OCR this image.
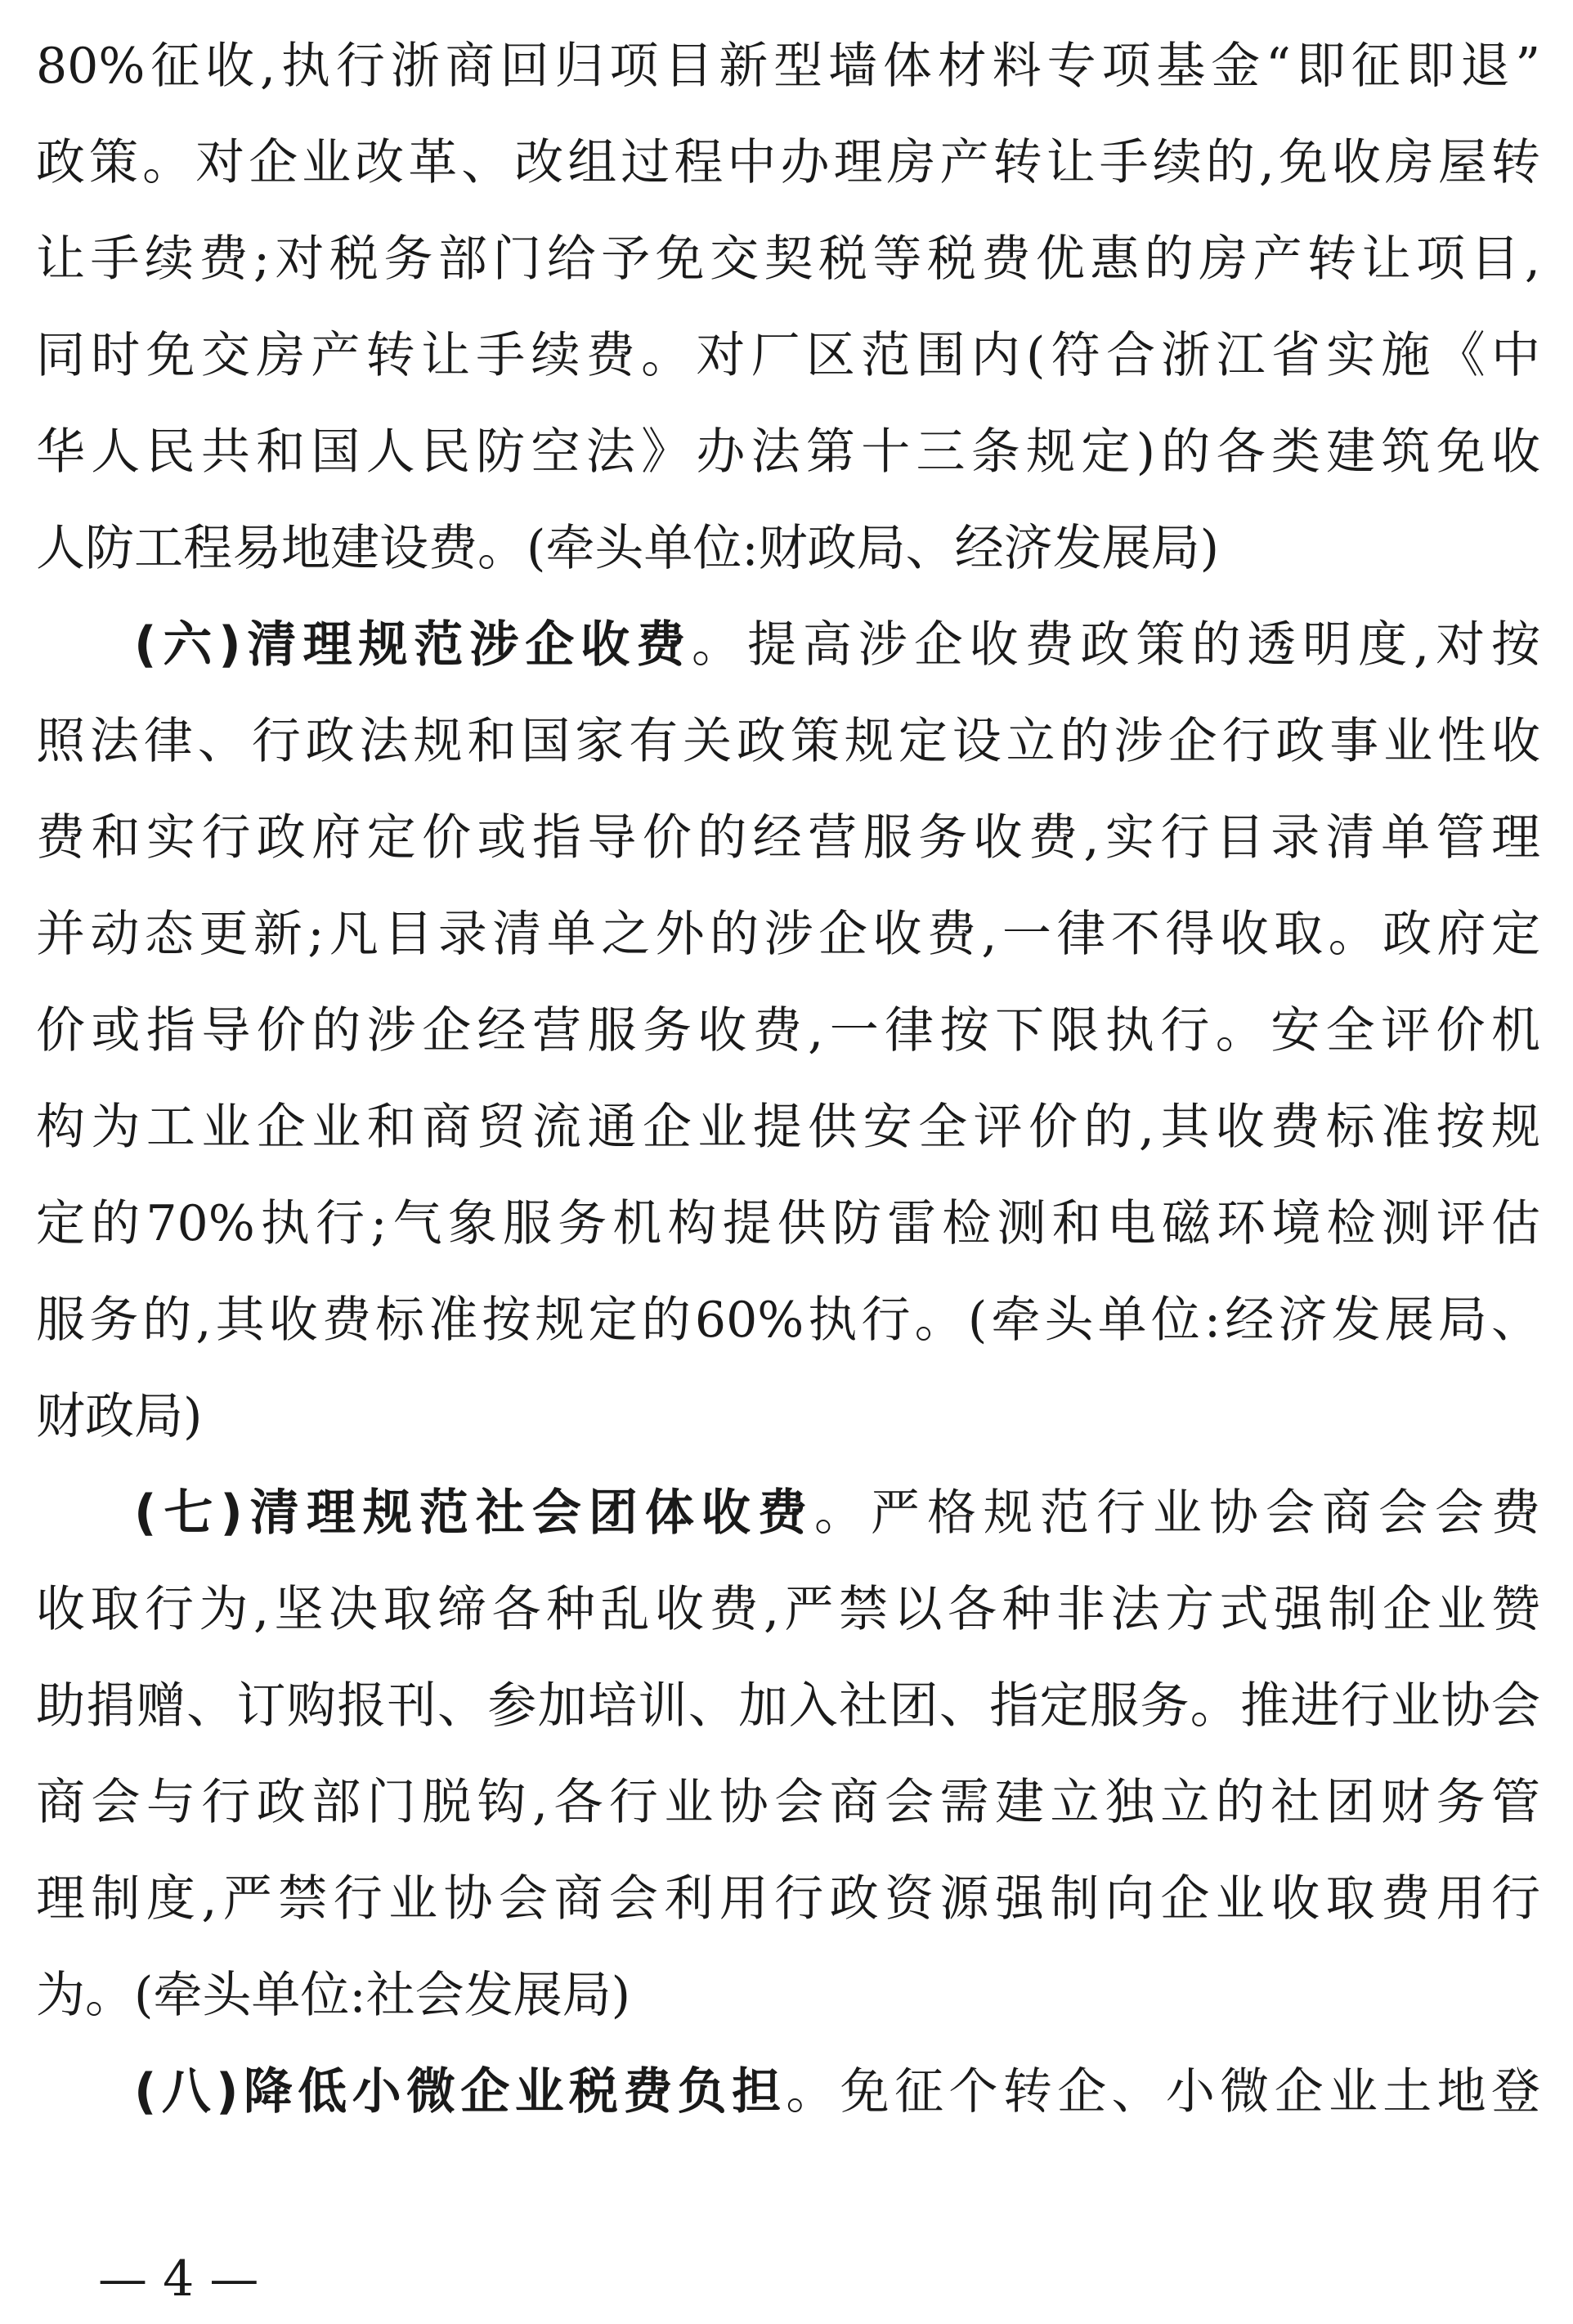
80%征收,执行浙商回归项目新型墙体材料专项基金“即征即退”
政策。对企业改革、改组过程中办理房产转让手续的,免收房屋转
让手续费;对税务部门给予免交契税等税费优惠的房产转让项目,
同时免交房产转让手续费。对厂区范围内(符合浙江省实施《中
华人民共和国人民防空法》办法第十三条规定)的各类建筑免收
人防工程易地建设费。(牵头单位:财政局、经济发展局)
(六)清理规范涉企收费。提高涉企收费政策的透明度,对按
照法律、行政法规和国家有关政策规定设立的涉企行政事业性收
费和实行政府定价或指导价的经营服务收费,实行目录清单管理
并动态更新;凡目录清单之外的涉企收费,一律不得收取。政府定
价或指导价的涉企经营服务收费,一律按下限执行。安全评价机
构为工业企业和商贸流通企业提供安全评价的,其收费标准按规
定的70%执行;气象服务机构提供防雷检测和电磁环境检测评估
服务的,其收费标准按规定的60%执行。(牵头单位:经济发展局、
财政局)
(七)清理规范社会团体收费。严格规范行业协会商会会费
收取行为,坚决取缔各种乱收费,严禁以各种非法方式强制企业赞
助捐赠、订购报刊、参加培训、加入社团、指定服务。推进行业协会
商会与行政部门脱钩,各行业协会商会需建立独立的社团财务管
理制度,严禁行业协会商会利用行政资源强制向企业收取费用行
为。(牵头单位:社会发展局)
(八)降低小微企业税费负担。免征个转企、小微企业土地登
— 4 —
